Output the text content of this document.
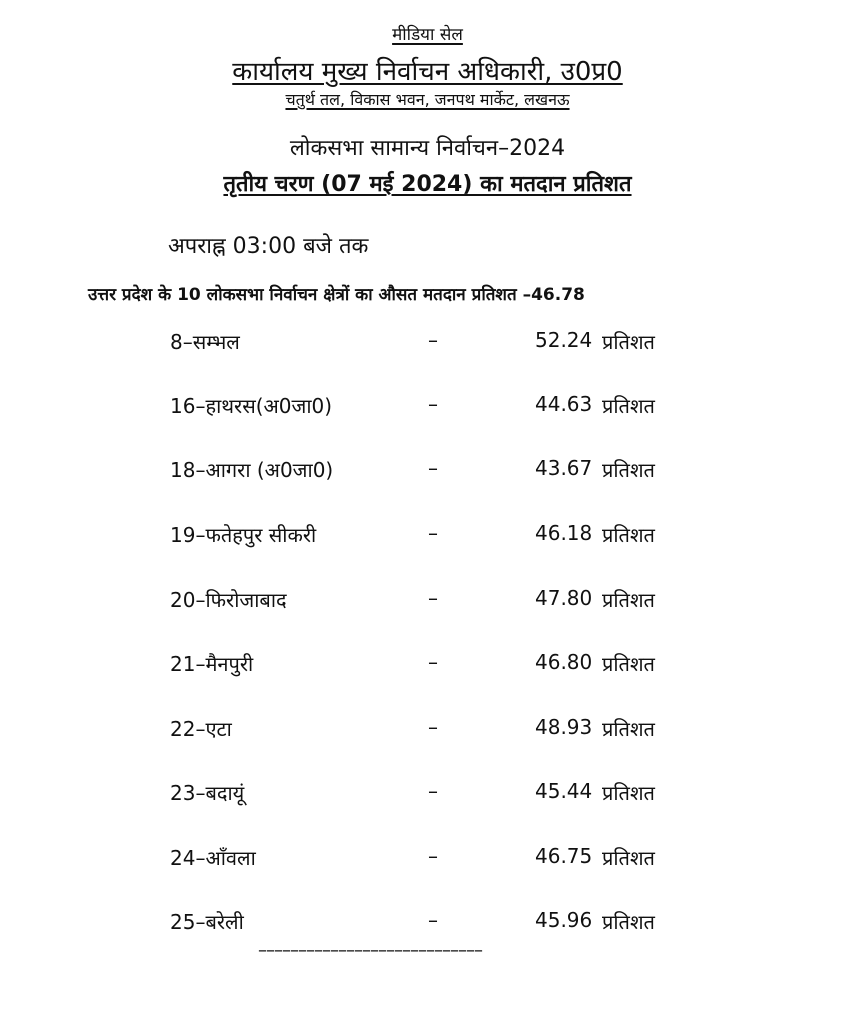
मीडिया सेल
कार्यालय मुख्य निर्वाचन अधिकारी, उ0प्र0
चतुर्थ तल, विकास भवन, जनपथ मार्केट, लखनऊ
लोकसभा सामान्य निर्वाचन–2024
तृतीय चरण (07 मई 2024) का मतदान प्रतिशत
अपराह्न 03:00 बजे तक
उत्तर प्रदेश के 10 लोकसभा निर्वाचन क्षेत्रों का औसत मतदान प्रतिशत –46.78
8–सम्भल	–	52.24 प्रतिशत
16–हाथरस(अ0जा0)	–	44.63 प्रतिशत
18–आगरा (अ0जा0)	–	43.67 प्रतिशत
19–फतेहपुर सीकरी	–	46.18 प्रतिशत
20–फिरोजाबाद	–	47.80 प्रतिशत
21–मैनपुरी	–	46.80 प्रतिशत
22–एटा	–	48.93 प्रतिशत
23–बदायूं	–	45.44 प्रतिशत
24–आँवला	–	46.75 प्रतिशत
25–बरेली	–	45.96 प्रतिशत
––––––––––––––––––––––––––––
